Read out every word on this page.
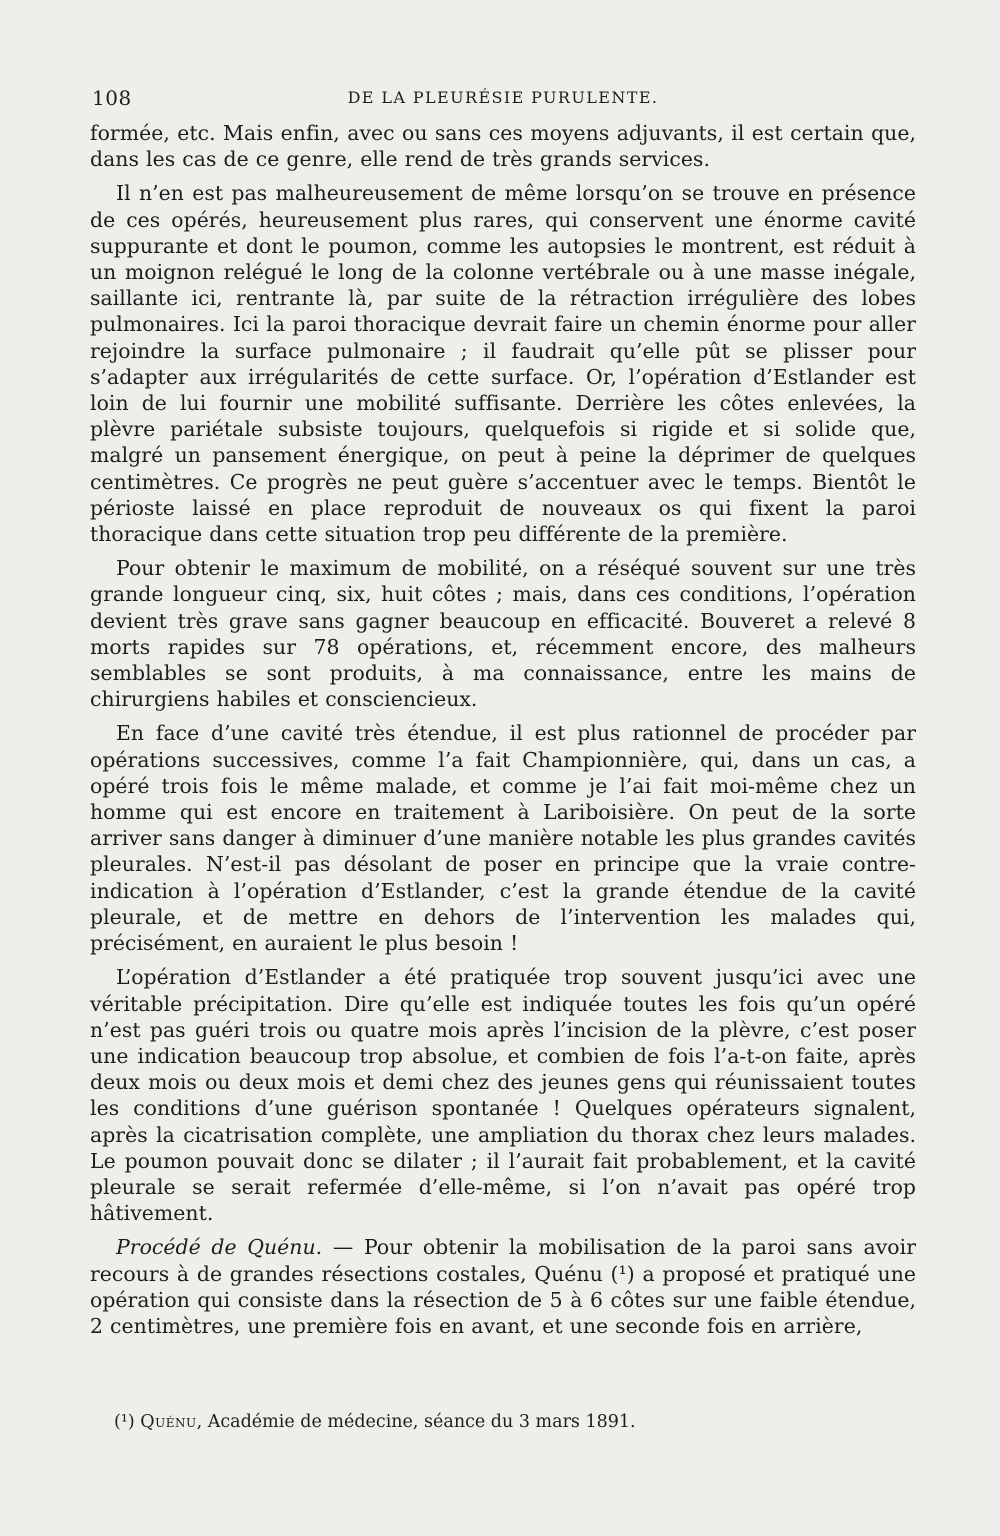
108	DE LA PLEURÉSIE PURULENTE.

formée, etc. Mais enfin, avec ou sans ces moyens adjuvants, il est certain que, dans les cas de ce genre, elle rend de très grands services.

Il n’en est pas malheureusement de même lorsqu’on se trouve en présence de ces opérés, heureusement plus rares, qui conservent une énorme cavité suppurante et dont le poumon, comme les autopsies le montrent, est réduit à un moignon relégué le long de la colonne vertébrale ou à une masse inégale, saillante ici, rentrante là, par suite de la rétraction irrégulière des lobes pulmonaires. Ici la paroi thoracique devrait faire un chemin énorme pour aller rejoindre la surface pulmonaire ; il faudrait qu’elle pût se plisser pour s’adapter aux irrégularités de cette surface. Or, l’opération d’Estlander est loin de lui fournir une mobilité suffisante. Derrière les côtes enlevées, la plèvre pariétale subsiste toujours, quelquefois si rigide et si solide que, malgré un pansement énergique, on peut à peine la déprimer de quelques centimètres. Ce progrès ne peut guère s’accentuer avec le temps. Bientôt le périoste laissé en place reproduit de nouveaux os qui fixent la paroi thoracique dans cette situation trop peu différente de la première.

Pour obtenir le maximum de mobilité, on a réséqué souvent sur une très grande longueur cinq, six, huit côtes ; mais, dans ces conditions, l’opération devient très grave sans gagner beaucoup en efficacité. Bouveret a relevé 8 morts rapides sur 78 opérations, et, récemment encore, des malheurs semblables se sont produits, à ma connaissance, entre les mains de chirurgiens habiles et consciencieux.

En face d’une cavité très étendue, il est plus rationnel de procéder par opérations successives, comme l’a fait Championnière, qui, dans un cas, a opéré trois fois le même malade, et comme je l’ai fait moi-même chez un homme qui est encore en traitement à Lariboisière. On peut de la sorte arriver sans danger à diminuer d’une manière notable les plus grandes cavités pleurales. N’est-il pas désolant de poser en principe que la vraie contre-indication à l’opération d’Estlander, c’est la grande étendue de la cavité pleurale, et de mettre en dehors de l’intervention les malades qui, précisément, en auraient le plus besoin !

L’opération d’Estlander a été pratiquée trop souvent jusqu’ici avec une véritable précipitation. Dire qu’elle est indiquée toutes les fois qu’un opéré n’est pas guéri trois ou quatre mois après l’incision de la plèvre, c’est poser une indication beaucoup trop absolue, et combien de fois l’a-t-on faite, après deux mois ou deux mois et demi chez des jeunes gens qui réunissaient toutes les conditions d’une guérison spontanée ! Quelques opérateurs signalent, après la cicatrisation complète, une ampliation du thorax chez leurs malades. Le poumon pouvait donc se dilater ; il l’aurait fait probablement, et la cavité pleurale se serait refermée d’elle-même, si l’on n’avait pas opéré trop hâtivement.

Procédé de Quénu. — Pour obtenir la mobilisation de la paroi sans avoir recours à de grandes résections costales, Quénu (¹) a proposé et pratiqué une opération qui consiste dans la résection de 5 à 6 côtes sur une faible étendue, 2 centimètres, une première fois en avant, et une seconde fois en arrière,

(¹) Quénu, Académie de médecine, séance du 3 mars 1891.
